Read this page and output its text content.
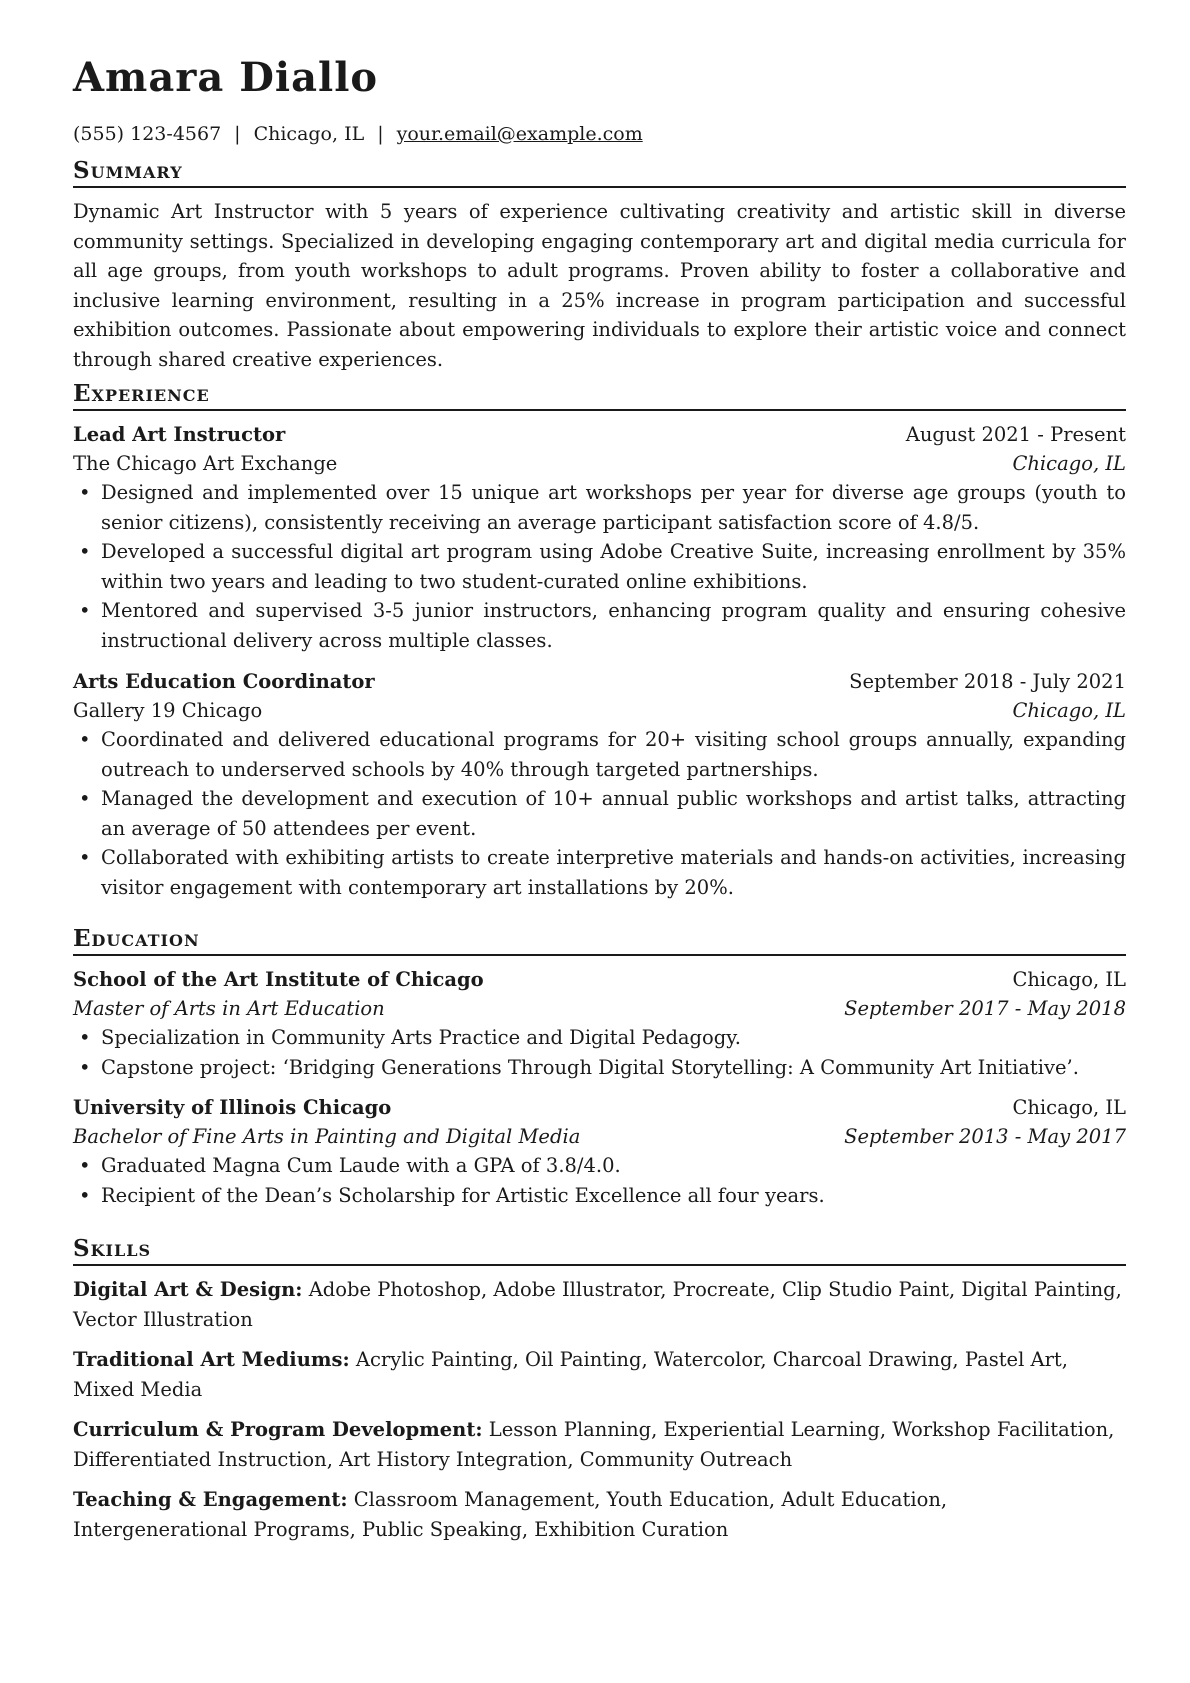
Amara Diallo
(555) 123-4567 | Chicago, IL | your.email@example.com
Summary
Dynamic Art Instructor with 5 years of experience cultivating creativity and artistic skill in diverse community settings. Specialized in developing engaging contemporary art and digital media curricula for all age groups, from youth workshops to adult programs. Proven ability to foster a collaborative and inclusive learning environment, resulting in a 25% increase in program participation and successful exhibition outcomes. Passionate about empowering individuals to explore their artistic voice and connect through shared creative experiences.
Experience
Lead Art Instructor	August 2021 - Present
The Chicago Art Exchange	Chicago, IL
• Designed and implemented over 15 unique art workshops per year for diverse age groups (youth to senior citizens), consistently receiving an average participant satisfaction score of 4.8/5.
• Developed a successful digital art program using Adobe Creative Suite, increasing enrollment by 35% within two years and leading to two student-curated online exhibitions.
• Mentored and supervised 3-5 junior instructors, enhancing program quality and ensuring cohesive instructional delivery across multiple classes.
Arts Education Coordinator	September 2018 - July 2021
Gallery 19 Chicago	Chicago, IL
• Coordinated and delivered educational programs for 20+ visiting school groups annually, expanding outreach to underserved schools by 40% through targeted partnerships.
• Managed the development and execution of 10+ annual public workshops and artist talks, attracting an average of 50 attendees per event.
• Collaborated with exhibiting artists to create interpretive materials and hands-on activities, increasing visitor engagement with contemporary art installations by 20%.
Education
School of the Art Institute of Chicago	Chicago, IL
Master of Arts in Art Education	September 2017 - May 2018
• Specialization in Community Arts Practice and Digital Pedagogy.
• Capstone project: ‘Bridging Generations Through Digital Storytelling: A Community Art Initiative’.
University of Illinois Chicago	Chicago, IL
Bachelor of Fine Arts in Painting and Digital Media	September 2013 - May 2017
• Graduated Magna Cum Laude with a GPA of 3.8/4.0.
• Recipient of the Dean’s Scholarship for Artistic Excellence all four years.
Skills
Digital Art & Design: Adobe Photoshop, Adobe Illustrator, Procreate, Clip Studio Paint, Digital Painting, Vector Illustration
Traditional Art Mediums: Acrylic Painting, Oil Painting, Watercolor, Charcoal Drawing, Pastel Art, Mixed Media
Curriculum & Program Development: Lesson Planning, Experiential Learning, Workshop Facilitation, Differentiated Instruction, Art History Integration, Community Outreach
Teaching & Engagement: Classroom Management, Youth Education, Adult Education, Intergenerational Programs, Public Speaking, Exhibition Curation
